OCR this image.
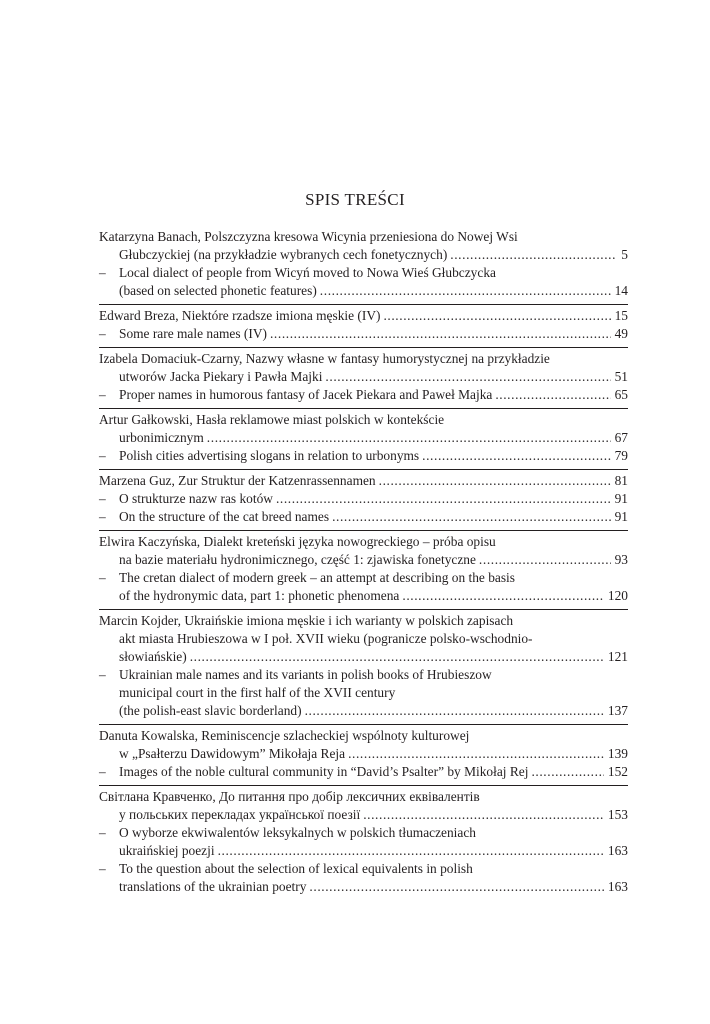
SPIS TREŚCI
Katarzyna Banach, Polszczyzna kresowa Wicynia przeniesiona do Nowej Wsi
Głubczyckiej (na przykładzie wybranych cech fonetycznych) .....	5
– Local dialect of people from Wicyń moved to Nowa Wieś Głubczycka
(based on selected phonetic features) .....	14
Edward Breza, Niektóre rzadsze imiona męskie (IV) .....	15
– Some rare male names (IV) .....	49
Izabela Domaciuk-Czarny, Nazwy własne w fantasy humorystycznej na przykładzie
utworów Jacka Piekary i Pawła Majki .....	51
– Proper names in humorous fantasy of Jacek Piekara and Paweł Majka .....	65
Artur Gałkowski, Hasła reklamowe miast polskich w kontekście
urbonimicznym .....	67
– Polish cities advertising slogans in relation to urbonyms .....	79
Marzena Guz, Zur Struktur der Katzenrassennamen .....	81
– O strukturze nazw ras kotów .....	91
– On the structure of the cat breed names .....	91
Elwira Kaczyńska, Dialekt kreteński języka nowogreckiego – próba opisu
na bazie materiału hydronimicznego, część 1: zjawiska fonetyczne .....	93
– The cretan dialect of modern greek – an attempt at describing on the basis
of the hydronymic data, part 1: phonetic phenomena .....	120
Marcin Kojder, Ukraińskie imiona męskie i ich warianty w polskich zapisach
akt miasta Hrubieszowa w I poł. XVII wieku (pogranicze polsko-wschodnio-
słowiańskie) .....	121
– Ukrainian male names and its variants in polish books of Hrubieszow
municipal court in the first half of the XVII century
(the polish-east slavic borderland) .....	137
Danuta Kowalska, Reminiscencje szlacheckiej wspólnoty kulturowej
w „Psałterzu Dawidowym” Mikołaja Reja .....	139
– Images of the noble cultural community in “David’s Psalter” by Mikołaj Rej .....	152
Світлана Кравченко, До питання про добір лексичних еквівалентів
у польських перекладах української поезії .....	153
– O wyborze ekwiwalentów leksykalnych w polskich tłumaczeniach
ukraińskiej poezji .....	163
– To the question about the selection of lexical equivalents in polish
translations of the ukrainian poetry .....	163
